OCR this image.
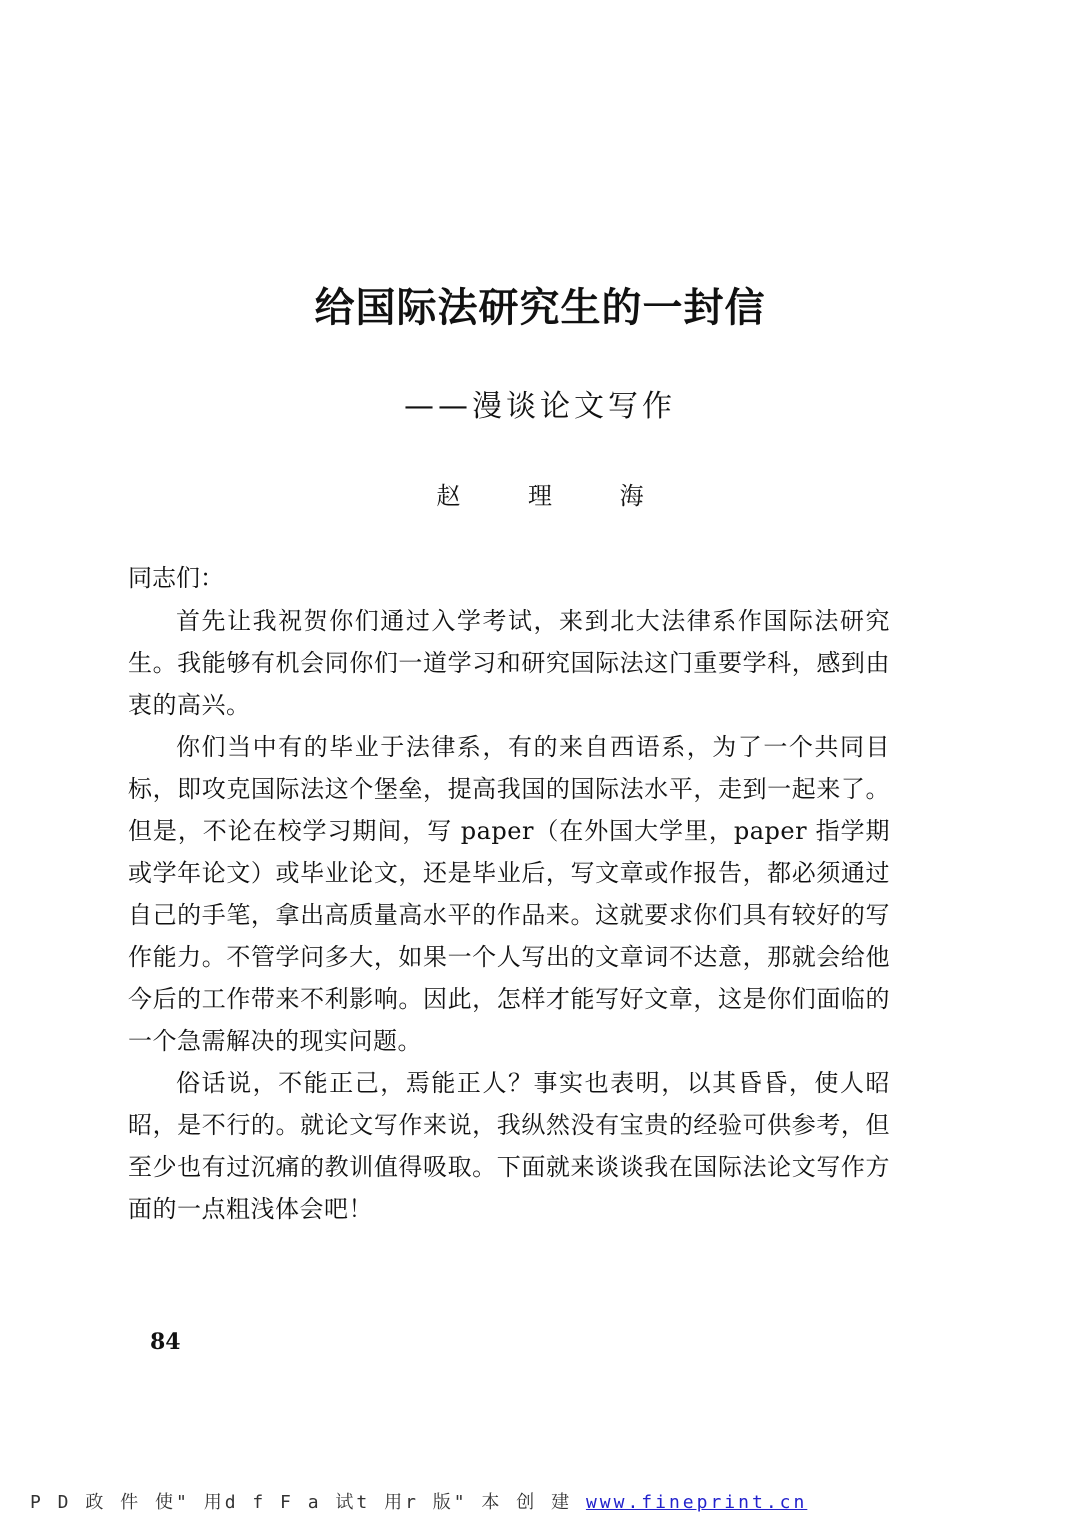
给国际法研究生的一封信
——漫谈论文写作
赵 理 海
同志们：

首先让我祝贺你们通过入学考试，来到北大法律系作国际法研究生。我能够有机会同你们一道学习和研究国际法这门重要学科，感到由衷的高兴。

你们当中有的毕业于法律系，有的来自西语系，为了一个共同目标，即攻克国际法这个堡垒，提高我国的国际法水平，走到一起来了。但是，不论在校学习期间，写 paper（在外国大学里，paper 指学期或学年论文）或毕业论文，还是毕业后，写文章或作报告，都必须通过自己的手笔，拿出高质量高水平的作品来。这就要求你们具有较好的写作能力。不管学问多大，如果一个人写出的文章词不达意，那就会给他今后的工作带来不利影响。因此，怎样才能写好文章，这是你们面临的一个急需解决的现实问题。

俗话说，不能正己，焉能正人？事实也表明，以其昏昏，使人昭昭，是不行的。就论文写作来说，我纵然没有宝贵的经验可供参考，但至少也有过沉痛的教训值得吸取。下面就来谈谈我在国际法论文写作方面的一点粗浅体会吧！

84
P D 政 件 使" 用d f F a 试t 用r 版" 本 创 建 www.fineprint.cn
